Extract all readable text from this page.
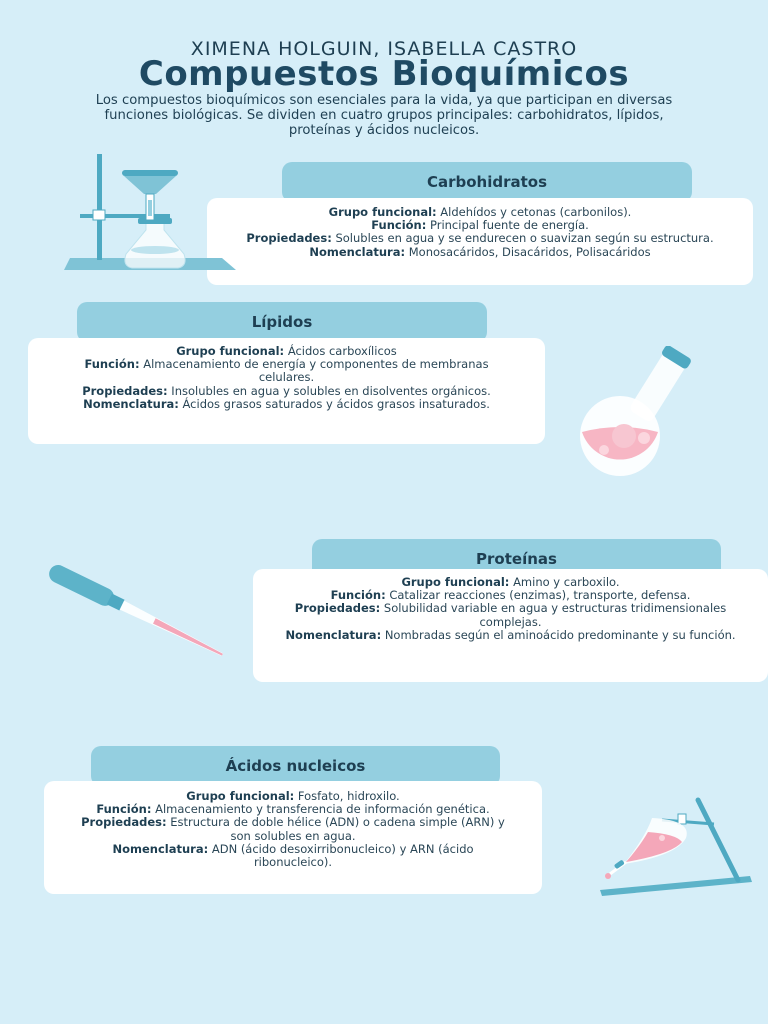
XIMENA HOLGUIN, ISABELLA CASTRO
Compuestos Bioquímicos
Los compuestos bioquímicos son esenciales para la vida, ya que participan en diversas funciones biológicas. Se dividen en cuatro grupos principales: carbohidratos, lípidos, proteínas y ácidos nucleicos.
Carbohidratos

Grupo funcional: Aldehídos y cetonas (carbonilos).

Función: Principal fuente de energía.

Propiedades: Solubles en agua y se endurecen o suavizan según su estructura.

Nomenclatura: Monosacáridos, Disacáridos, Polisacáridos

Lípidos

Grupo funcional: Ácidos carboxílicos

Función: Almacenamiento de energía y componentes de membranas celulares.

Propiedades: Insolubles en agua y solubles en disolventes orgánicos.

Nomenclatura: Ácidos grasos saturados y ácidos grasos insaturados.

Proteínas

Grupo funcional: Amino y carboxilo.

Función: Catalizar reacciones (enzimas), transporte, defensa.

Propiedades: Solubilidad variable en agua y estructuras tridimensionales complejas.

Nomenclatura: Nombradas según el aminoácido predominante y su función.

Ácidos nucleicos

Grupo funcional: Fosfato, hidroxilo.

Función: Almacenamiento y transferencia de información genética.

Propiedades: Estructura de doble hélice (ADN) o cadena simple (ARN) y son solubles en agua.

Nomenclatura: ADN (ácido desoxirribonucleico) y ARN (ácido ribonucleico).
